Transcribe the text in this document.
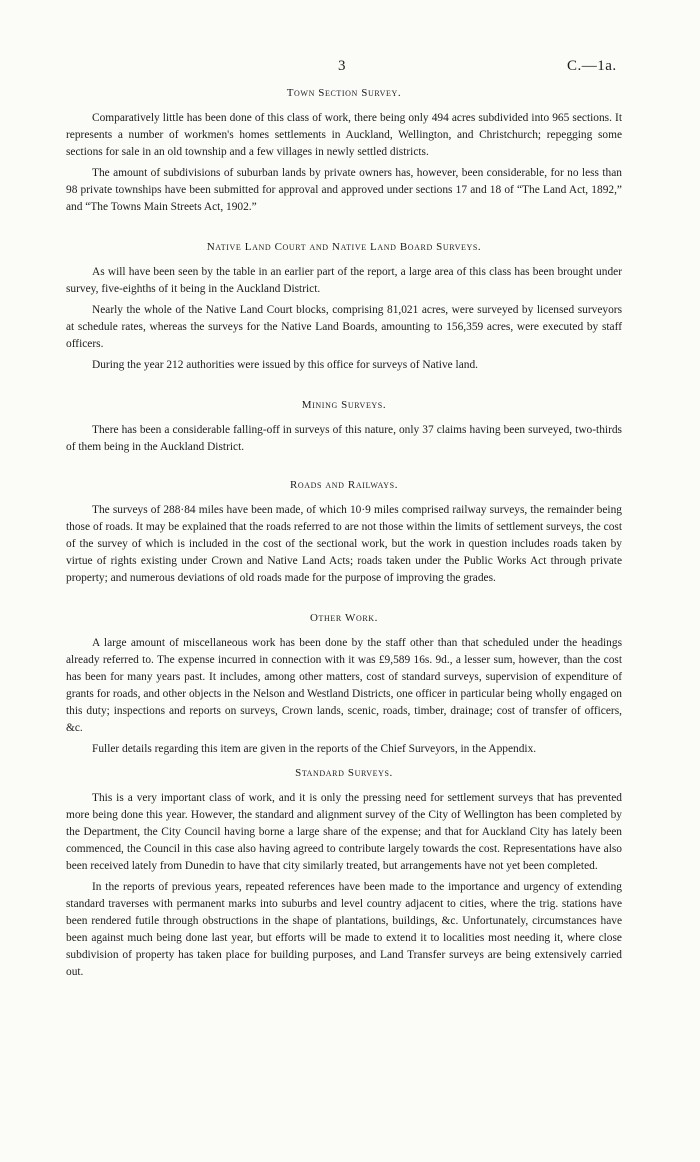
3	C.—1a.
Town Section Survey.

Comparatively little has been done of this class of work, there being only 494 acres subdivided into 965 sections. It represents a number of workmen's homes settlements in Auckland, Wellington, and Christchurch; repegging some sections for sale in an old township and a few villages in newly settled districts.

The amount of subdivisions of suburban lands by private owners has, however, been considerable, for no less than 98 private townships have been submitted for approval and approved under sections 17 and 18 of “The Land Act, 1892,” and “The Towns Main Streets Act, 1902.”

Native Land Court and Native Land Board Surveys.

As will have been seen by the table in an earlier part of the report, a large area of this class has been brought under survey, five-eighths of it being in the Auckland District.

Nearly the whole of the Native Land Court blocks, comprising 81,021 acres, were surveyed by licensed surveyors at schedule rates, whereas the surveys for the Native Land Boards, amounting to 156,359 acres, were executed by staff officers.

During the year 212 authorities were issued by this office for surveys of Native land.

Mining Surveys.

There has been a considerable falling-off in surveys of this nature, only 37 claims having been surveyed, two-thirds of them being in the Auckland District.

Roads and Railways.

The surveys of 288·84 miles have been made, of which 10·9 miles comprised railway surveys, the remainder being those of roads. It may be explained that the roads referred to are not those within the limits of settlement surveys, the cost of the survey of which is included in the cost of the sectional work, but the work in question includes roads taken by virtue of rights existing under Crown and Native Land Acts; roads taken under the Public Works Act through private property; and numerous deviations of old roads made for the purpose of improving the grades.

Other Work.

A large amount of miscellaneous work has been done by the staff other than that scheduled under the headings already referred to. The expense incurred in connection with it was £9,589 16s. 9d., a lesser sum, however, than the cost has been for many years past. It includes, among other matters, cost of standard surveys, supervision of expenditure of grants for roads, and other objects in the Nelson and Westland Districts, one officer in particular being wholly engaged on this duty; inspections and reports on surveys, Crown lands, scenic, roads, timber, drainage; cost of transfer of officers, &c.

Fuller details regarding this item are given in the reports of the Chief Surveyors, in the Appendix.

Standard Surveys.

This is a very important class of work, and it is only the pressing need for settlement surveys that has prevented more being done this year. However, the standard and alignment survey of the City of Wellington has been completed by the Department, the City Council having borne a large share of the expense; and that for Auckland City has lately been commenced, the Council in this case also having agreed to contribute largely towards the cost. Representations have also been received lately from Dunedin to have that city similarly treated, but arrangements have not yet been completed.

In the reports of previous years, repeated references have been made to the importance and urgency of extending standard traverses with permanent marks into suburbs and level country adjacent to cities, where the trig. stations have been rendered futile through obstructions in the shape of plantations, buildings, &c. Unfortunately, circumstances have been against much being done last year, but efforts will be made to extend it to localities most needing it, where close subdivision of property has taken place for building purposes, and Land Transfer surveys are being extensively carried out.
